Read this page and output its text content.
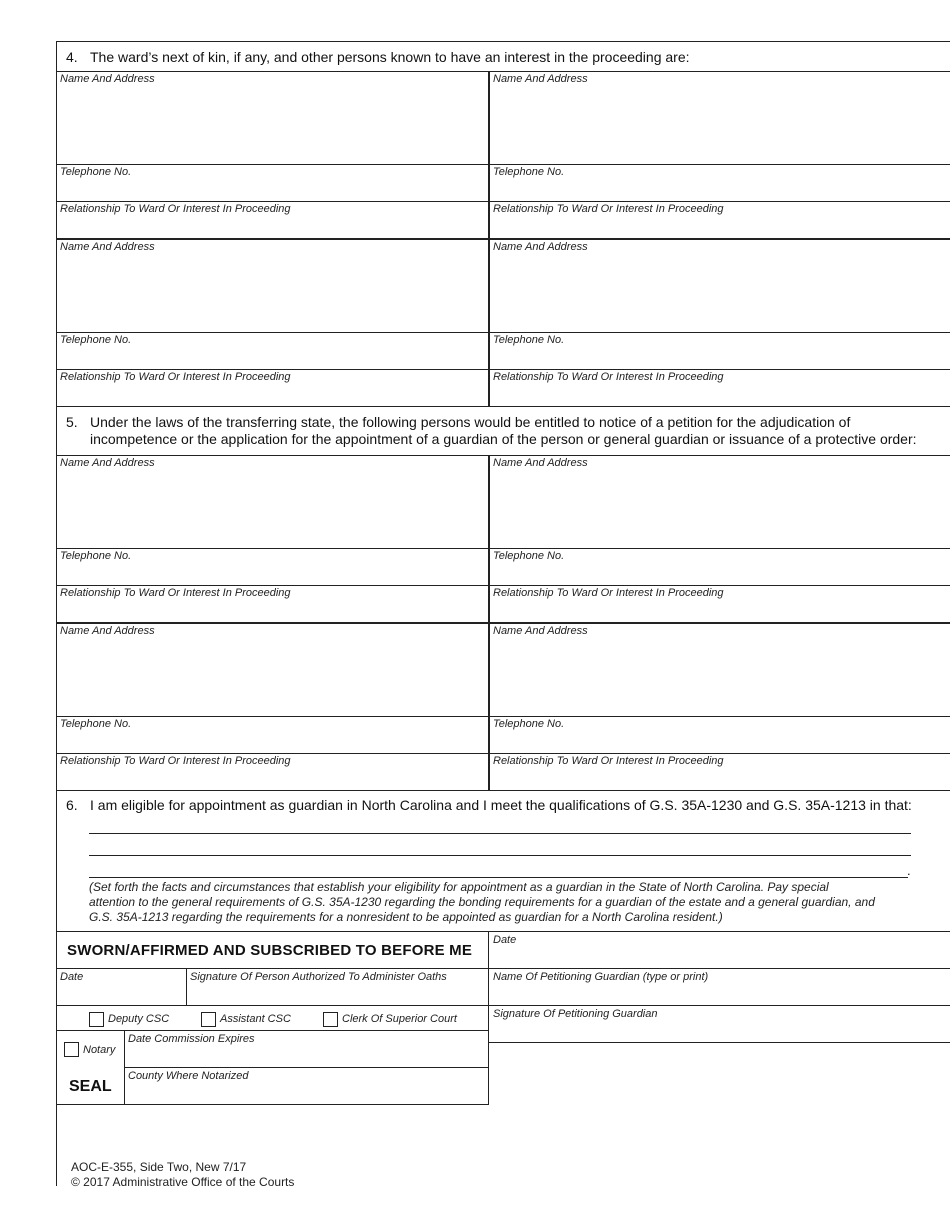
4. The ward’s next of kin, if any, and other persons known to have an interest in the proceeding are:
Name And Address	Name And Address
Telephone No.	Telephone No.
Relationship To Ward Or Interest In Proceeding	Relationship To Ward Or Interest In Proceeding
Name And Address	Name And Address
Telephone No.	Telephone No.
Relationship To Ward Or Interest In Proceeding	Relationship To Ward Or Interest In Proceeding
5. Under the laws of the transferring state, the following persons would be entitled to notice of a petition for the adjudication of
incompetence or the application for the appointment of a guardian of the person or general guardian or issuance of a protective order:
Name And Address	Name And Address
Telephone No.	Telephone No.
Relationship To Ward Or Interest In Proceeding	Relationship To Ward Or Interest In Proceeding
Name And Address	Name And Address
Telephone No.	Telephone No.
Relationship To Ward Or Interest In Proceeding	Relationship To Ward Or Interest In Proceeding
6. I am eligible for appointment as guardian in North Carolina and I meet the qualifications of G.S. 35A-1230 and G.S. 35A-1213 in that:
.
(Set forth the facts and circumstances that establish your eligibility for appointment as a guardian in the State of North Carolina. Pay special
attention to the general requirements of G.S. 35A-1230 regarding the bonding requirements for a guardian of the estate and a general guardian, and
G.S. 35A-1213 regarding the requirements for a nonresident to be appointed as guardian for a North Carolina resident.)
SWORN/AFFIRMED AND SUBSCRIBED TO BEFORE ME
Date	Signature Of Person Authorized To Administer Oaths
Deputy CSC	Assistant CSC	Clerk Of Superior Court
Notary
Date Commission Expires
County Where Notarized
SEAL
Date
Name Of Petitioning Guardian (type or print)
Signature Of Petitioning Guardian
AOC-E-355, Side Two, New 7/17
© 2017 Administrative Office of the Courts
